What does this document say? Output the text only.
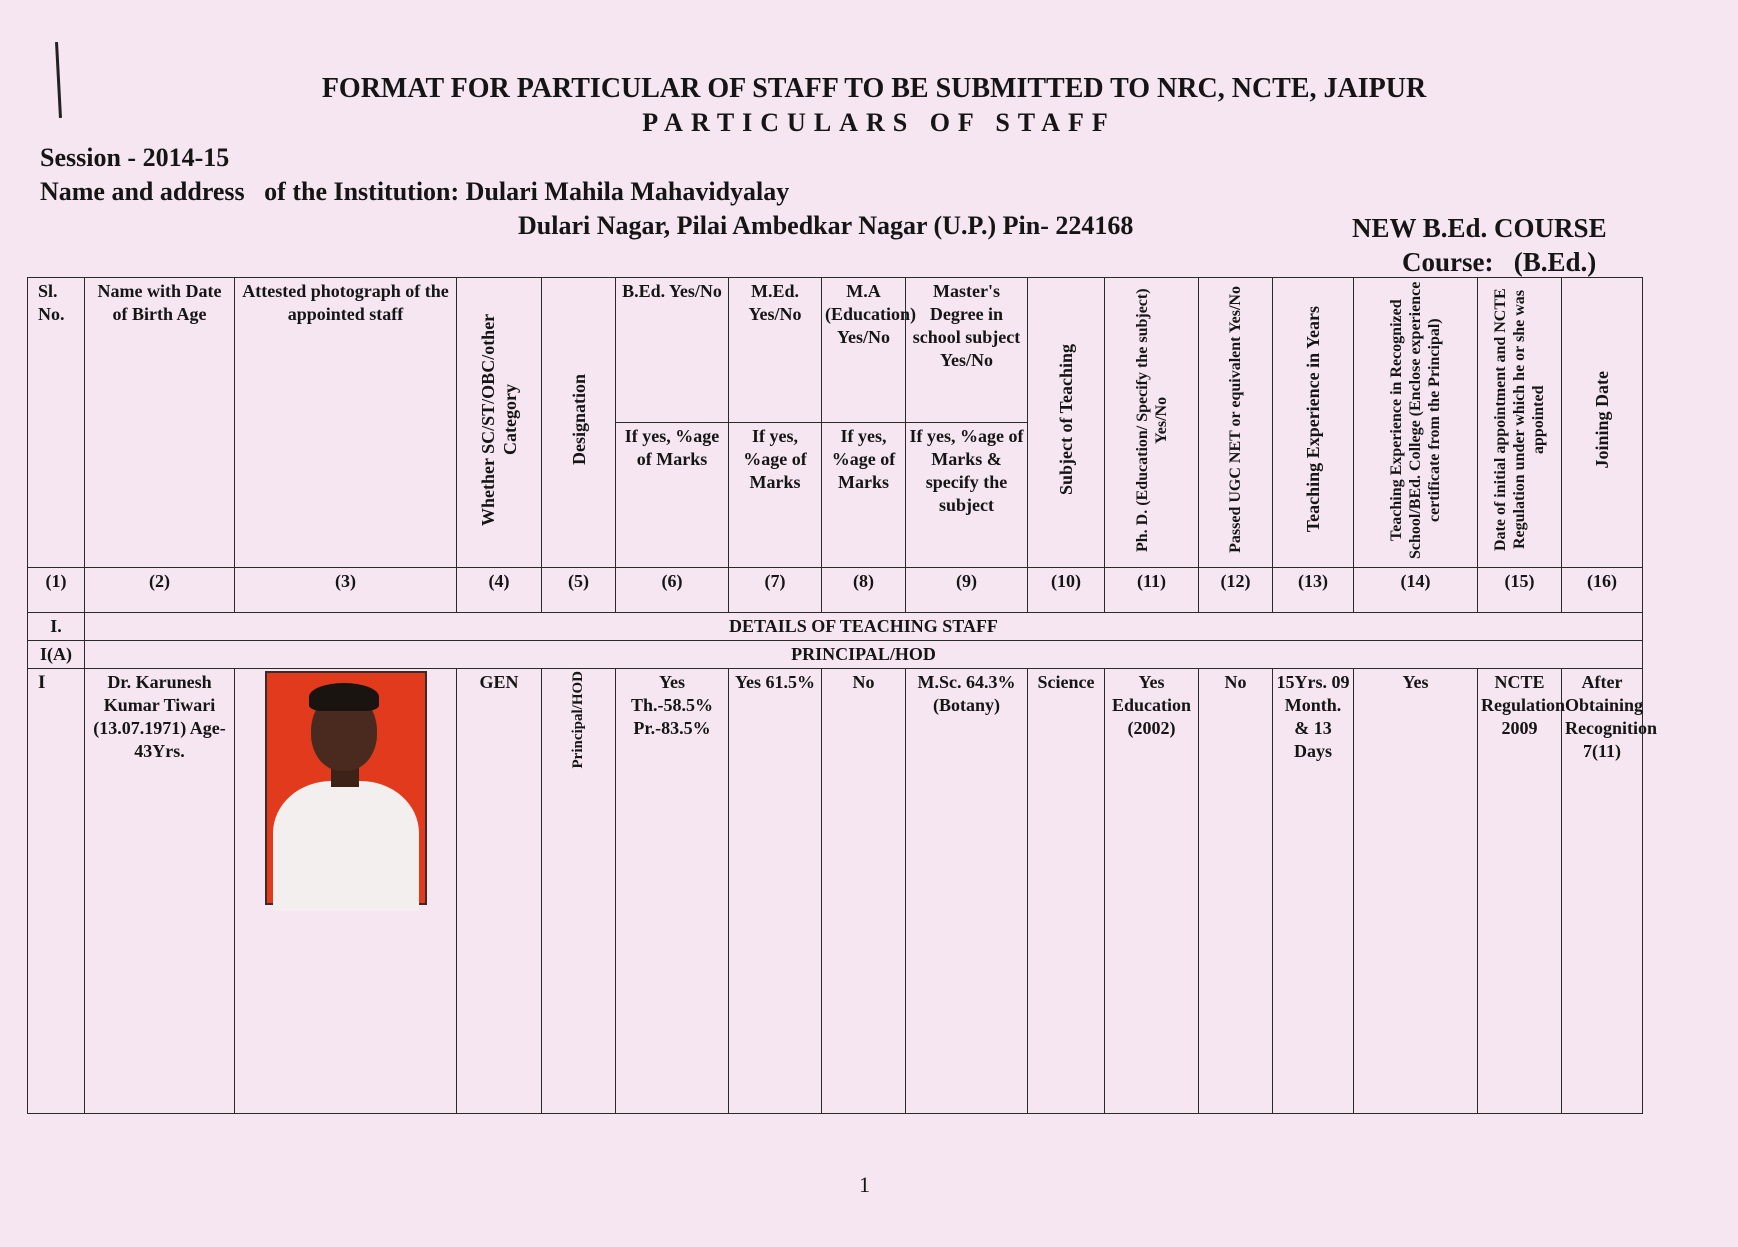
FORMAT FOR PARTICULAR OF STAFF TO BE SUBMITTED TO NRC, NCTE, JAIPUR
PARTICULARS OF STAFF
Session - 2014-15
Name and address   of the Institution: Dulari Mahila Mahavidyalay
Dulari Nagar, Pilai Ambedkar Nagar (U.P.) Pin- 224168	NEW B.Ed. COURSE
Course:   (B.Ed.)
Sl. No.	Name with Date of Birth Age	Attested photograph of the appointed staff	Whether SC/ST/OBC/other Category	Designation	B.Ed. Yes/No	M.Ed. Yes/No	M.A (Education) Yes/No	Master's Degree in school subject Yes/No	Subject of Teaching	Ph. D. (Education/ Specify the subject) Yes/No	Passed UGC NET or equivalent Yes/No	Teaching Experience in Years	Teaching Experience in Recognized School/BEd. College (Enclose experience certificate from the Principal)	Date of initial appointment and NCTE Regulation under which he or she was appointed	Joining Date
					If yes, %age of Marks	If yes, %age of Marks	If yes, %age of Marks	If yes, %age of Marks & specify the subject							
(1)	(2)	(3)	(4)	(5)	(6)	(7)	(8)	(9)	(10)	(11)	(12)	(13)	(14)	(15)	(16)
I.	DETAILS OF TEACHING STAFF														
I(A)	PRINCIPAL/HOD														
I	Dr. Karunesh Kumar Tiwari (13.07.1971) Age-43Yrs.		GEN	Principal/HOD	Yes Th.-58.5% Pr.-83.5%	Yes 61.5%	No	M.Sc. 64.3% (Botany)	Science	Yes Education (2002)	No	15Yrs. 09 Month. & 13 Days	Yes	NCTE Regulation 2009	After Obtaining Recognition 7(11)
1
